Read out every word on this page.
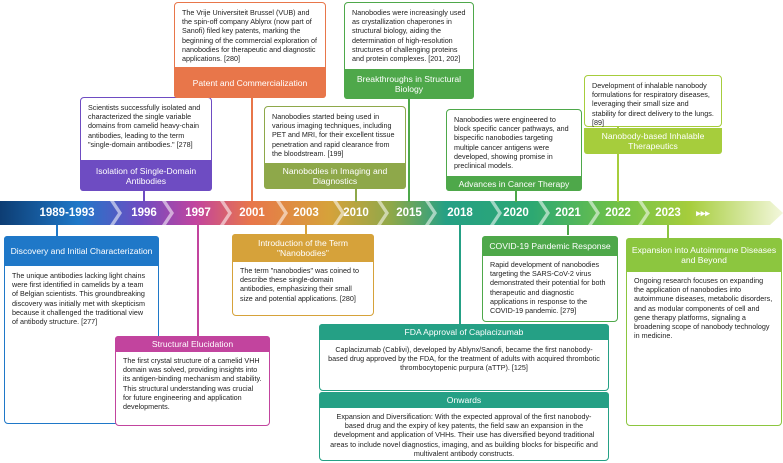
1989-1993	1996	1997	2001	2003	2010	2015	2018	2020	2021	2022	2023	▸▸▸
Discovery and Initial Characterization
The unique antibodies lacking light chains were first identified in camelids by a team of Belgian scientists. This groundbreaking discovery was initially met with skepticism because it challenged the traditional view of antibody structure. [277]
Scientists successfully isolated and characterized the single variable domains from camelid heavy-chain antibodies, leading to the term "single-domain antibodies." [278]
Isolation of Single-Domain Antibodies
Structural Elucidation
The first crystal structure of a camelid VHH domain was solved, providing insights into its antigen-binding mechanism and stability. This structural understanding was crucial for future engineering and application developments.
The Vrije Universiteit Brussel (VUB) and the spin-off company Ablynx (now part of Sanofi) filed key patents, marking the beginning of the commercial exploration of nanobodies for therapeutic and diagnostic applications. [280]
Patent and Commercialization
Introduction of the Term "Nanobodies"
The term "nanobodies" was coined to describe these single-domain antibodies, emphasizing their small size and potential applications. [280]
Nanobodies started being used in various imaging techniques, including PET and MRI, for their excellent tissue penetration and rapid clearance from the bloodstream. [199]
Nanobodies in Imaging and Diagnostics
Nanobodies were increasingly used as crystallization chaperones in structural biology, aiding the determination of high-resolution structures of challenging proteins and protein complexes. [201, 202]
Breakthroughs in Structural Biology
FDA Approval of Caplacizumab
Caplacizumab (Cablivi), developed by Ablynx/Sanofi, became the first nanobody-based drug approved by the FDA, for the treatment of adults with acquired thrombotic thrombocytopenic purpura (aTTP). [125]
Onwards
Expansion and Diversification: With the expected approval of the first nanobody-based drug and the expiry of key patents, the field saw an expansion in the development and application of VHHs. Their use has diversified beyond traditional areas to include novel diagnostics, imaging, and as building blocks for bispecific and multivalent antibody constructs.
Nanobodies were engineered to block specific cancer pathways, and bispecific nanobodies targeting multiple cancer antigens were developed, showing promise in preclinical models.
Advances in Cancer Therapy
COVID-19 Pandemic Response
Rapid development of nanobodies targeting the SARS-CoV-2 virus demonstrated their potential for both therapeutic and diagnostic applications in response to the COVID-19 pandemic. [279]
Development of inhalable nanobody formulations for respiratory diseases, leveraging their small size and stability for direct delivery to the lungs. [89]
Nanobody-based Inhalable Therapeutics
Expansion into Autoimmune Diseases and Beyond
Ongoing research focuses on expanding the application of nanobodies into autoimmune diseases, metabolic disorders, and as modular components of cell and gene therapy platforms, signaling a broadening scope of nanobody technology in medicine.
